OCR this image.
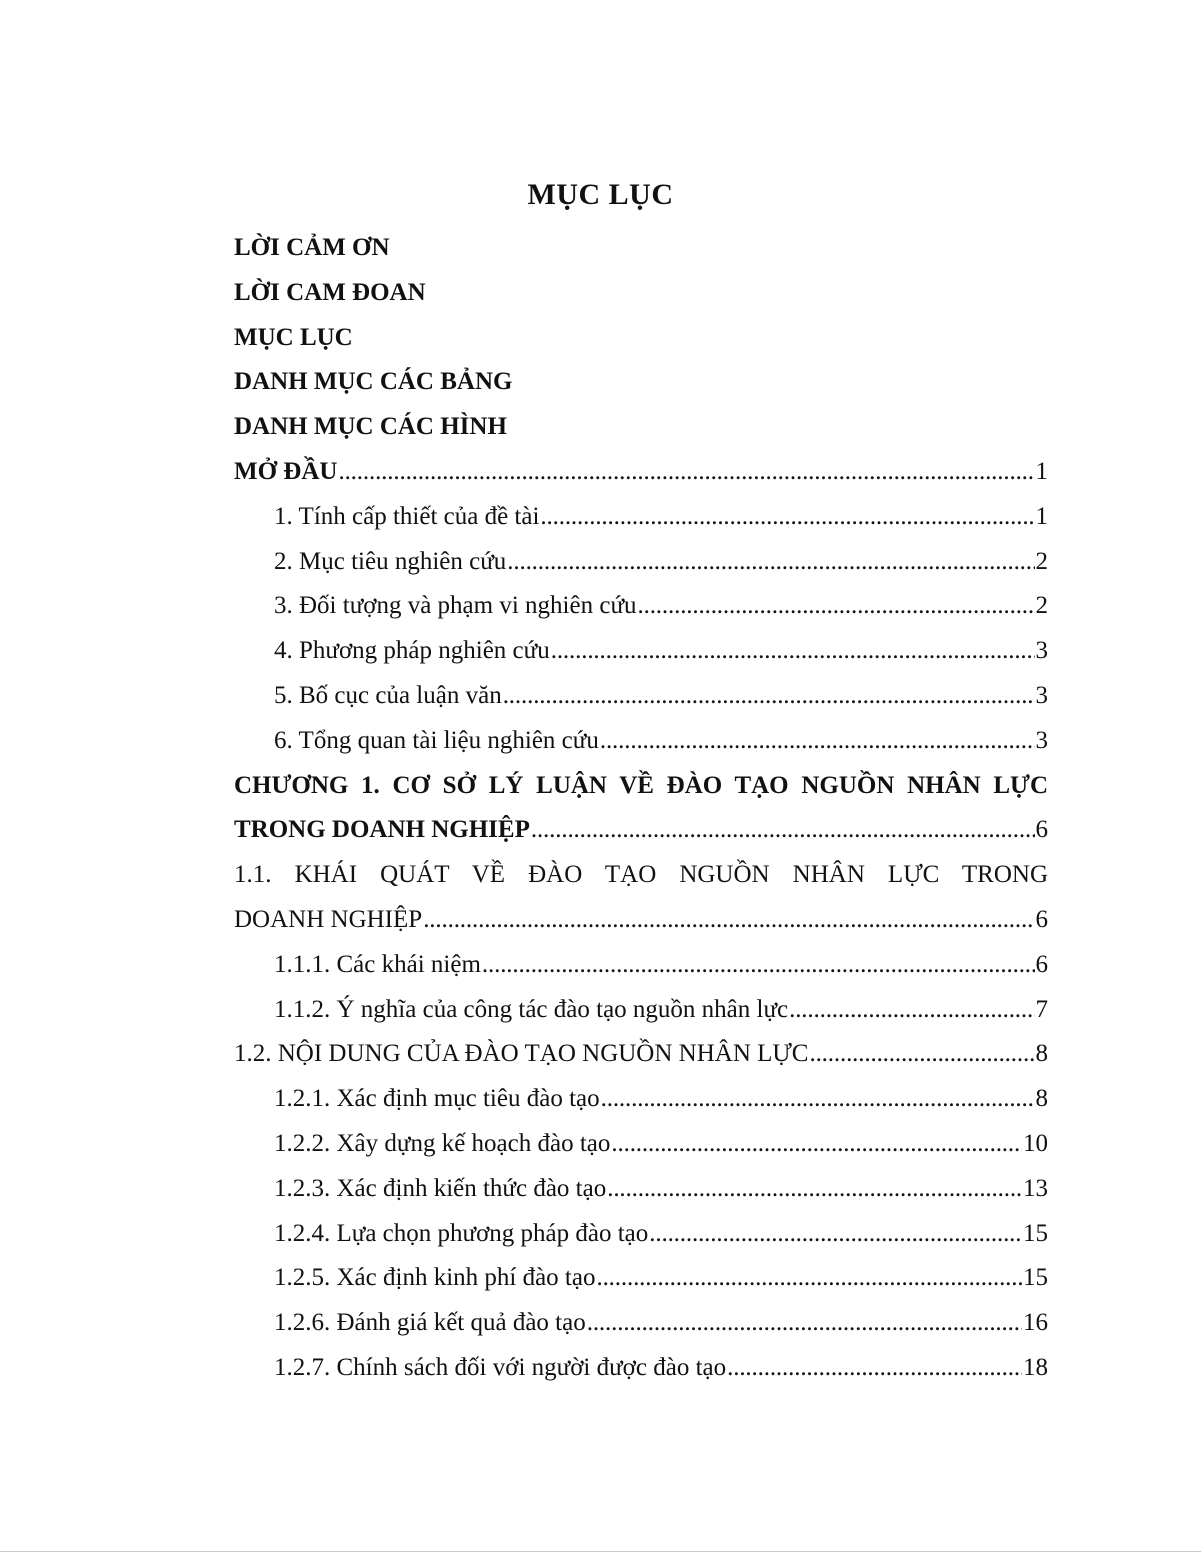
MỤC LỤC
LỜI CẢM ƠN
LỜI CAM ĐOAN
MỤC LỤC
DANH MỤC CÁC BẢNG
DANH MỤC CÁC HÌNH
MỞ ĐẦU . . .	1
1. Tính cấp thiết của đề tài . . .	1
2. Mục tiêu nghiên cứu . . .	2
3. Đối tượng và phạm vi nghiên cứu . . .	2
4. Phương pháp nghiên cứu . . .	3
5. Bố cục của luận văn . . .	3
6. Tổng quan tài liệu nghiên cứu . . .	3
CHƯƠNG 1. CƠ SỞ LÝ LUẬN VỀ ĐÀO TẠO NGUỒN NHÂN LỰC
TRONG DOANH NGHIỆP . . .	6
1.1. KHÁI QUÁT VỀ ĐÀO TẠO NGUỒN NHÂN LỰC TRONG
DOANH NGHIỆP . . .	6
1.1.1. Các khái niệm . . .	6
1.1.2. Ý nghĩa của công tác đào tạo nguồn nhân lực . . .	7
1.2. NỘI DUNG CỦA ĐÀO TẠO NGUỒN NHÂN LỰC . . .	8
1.2.1. Xác định mục tiêu đào tạo . . .	8
1.2.2. Xây dựng kế hoạch đào tạo . . .	10
1.2.3. Xác định kiến thức đào tạo . . .	13
1.2.4. Lựa chọn phương pháp đào tạo . . .	15
1.2.5. Xác định kinh phí đào tạo . . .	15
1.2.6. Đánh giá kết quả đào tạo . . .	16
1.2.7. Chính sách đối với người được đào tạo . . .	18
